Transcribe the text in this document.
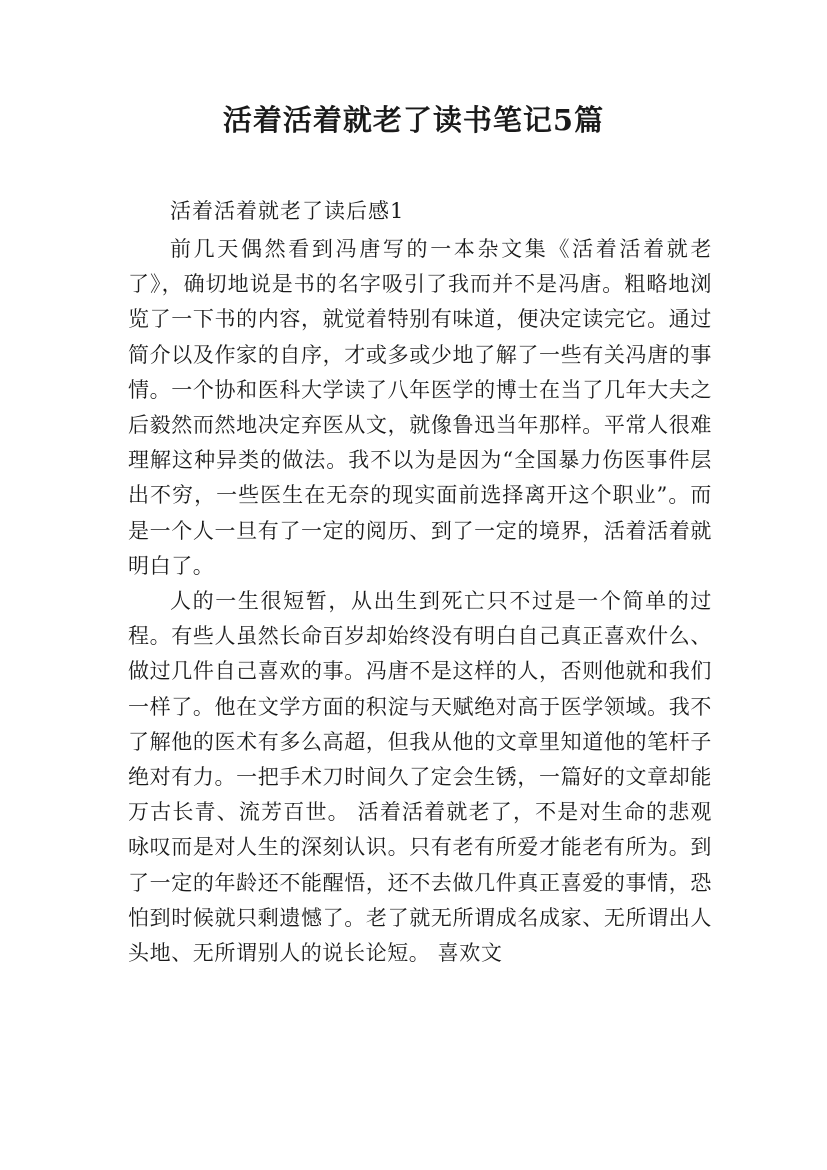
活着活着就老了读书笔记5篇
活着活着就老了读后感1

前几天偶然看到冯唐写的一本杂文集《活着活着就老了》，确切地说是书的名字吸引了我而并不是冯唐。粗略地浏览了一下书的内容，就觉着特别有味道，便决定读完它。通过简介以及作家的自序，才或多或少地了解了一些有关冯唐的事情。一个协和医科大学读了八年医学的博士在当了几年大夫之后毅然而然地决定弃医从文，就像鲁迅当年那样。平常人很难理解这种异类的做法。我不以为是因为“全国暴力伤医事件层出不穷，一些医生在无奈的现实面前选择离开这个职业”。而是一个人一旦有了一定的阅历、到了一定的境界，活着活着就明白了。

人的一生很短暂，从出生到死亡只不过是一个简单的过程。有些人虽然长命百岁却始终没有明白自己真正喜欢什么、做过几件自己喜欢的事。冯唐不是这样的人，否则他就和我们一样了。他在文学方面的积淀与天赋绝对高于医学领域。我不了解他的医术有多么高超，但我从他的文章里知道他的笔杆子绝对有力。一把手术刀时间久了定会生锈，一篇好的文章却能万古长青、流芳百世。 活着活着就老了，不是对生命的悲观咏叹而是对人生的深刻认识。只有老有所爱才能老有所为。到了一定的年龄还不能醒悟，还不去做几件真正喜爱的事情，恐怕到时候就只剩遗憾了。老了就无所谓成名成家、无所谓出人头地、无所谓别人的说长论短。 喜欢文
